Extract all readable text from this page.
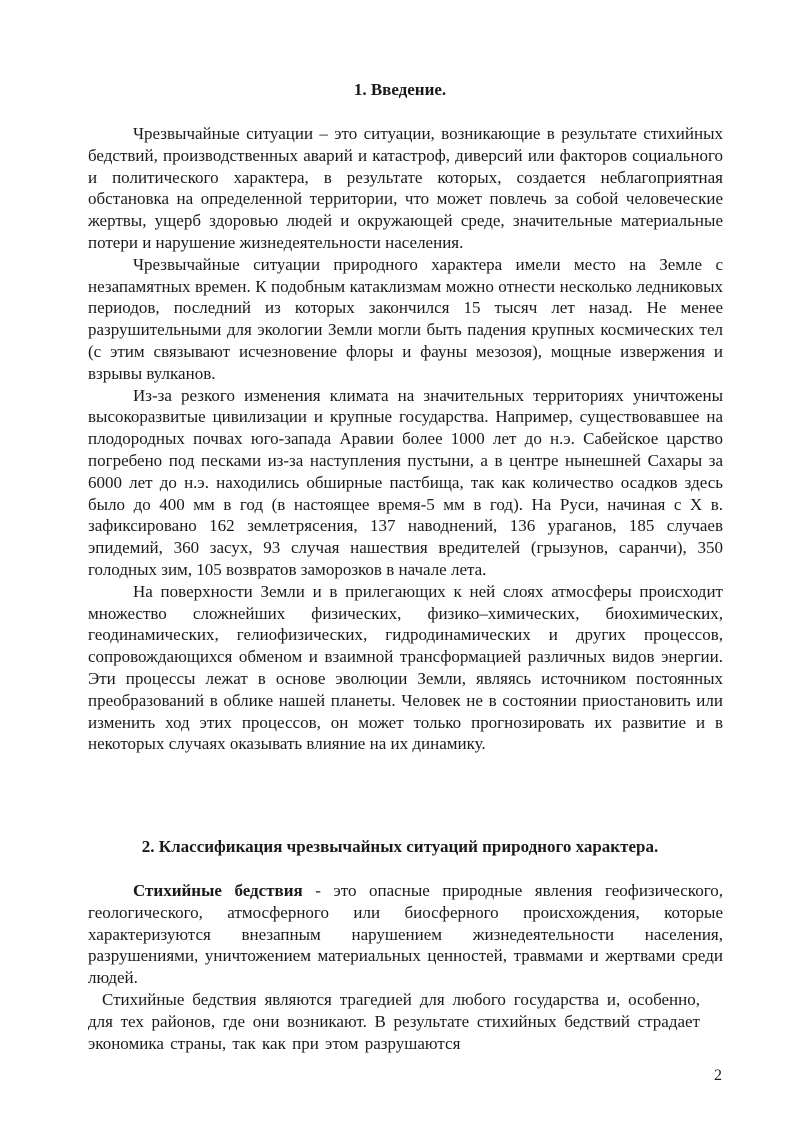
1. Введение.

Чрезвычайные ситуации – это ситуации, возникающие в результате стихийных бедствий, производственных аварий и катастроф, диверсий или факторов социального и политического характера, в результате которых, создается неблагоприятная обстановка на определенной территории, что может повлечь за собой человеческие жертвы, ущерб здоровью людей и окружающей среде, значительные материальные потери и нарушение жизнедеятельности населения.

Чрезвычайные ситуации природного характера имели место на Земле с незапамятных времен. К подобным катаклизмам можно отнести несколько ледниковых периодов, последний из которых закончился 15 тысяч лет назад. Не менее разрушительными для экологии Земли могли быть падения крупных космических тел (с этим связывают исчезновение флоры и фауны мезозоя), мощные извержения и взрывы вулканов.

Из-за резкого изменения климата на значительных территориях уничтожены высокоразвитые цивилизации и крупные государства. Например, существовавшее на плодородных почвах юго-запада Аравии более 1000 лет до н.э. Сабейское царство погребено под песками из-за наступления пустыни, а в центре нынешней Сахары за 6000 лет до н.э. находились обширные пастбища, так как количество осадков здесь было до 400 мм в год (в настоящее время-5 мм в год). На Руси, начиная с X в. зафиксировано 162 землетрясения, 137 наводнений, 136 ураганов, 185 случаев эпидемий, 360 засух, 93 случая нашествия вредителей (грызунов, саранчи), 350 голодных зим, 105 возвратов заморозков в начале лета.

На поверхности Земли и в прилегающих к ней слоях атмосферы происходит множество сложнейших физических, физико–химических, биохимических, геодинамических, гелиофизических, гидродинамических и других процессов, сопровождающихся обменом и взаимной трансформацией различных видов энергии. Эти процессы лежат в основе эволюции Земли, являясь источником постоянных преобразований в облике нашей планеты. Человек не в состоянии приостановить или изменить ход этих процессов, он может только прогнозировать их развитие и в некоторых случаях оказывать влияние на их динамику.

2. Классификация чрезвычайных ситуаций природного характера.

Стихийные бедствия - это опасные природные явления геофизического, геологического, атмосферного или биосферного происхождения, которые характеризуются внезапным нарушением жизнедеятельности населения, разрушениями, уничтожением материальных ценностей, травмами и жертвами среди людей.

Стихийные бедствия являются трагедией для любого государства и, особенно, для тех районов, где они возникают. В результате стихийных бедствий страдает экономика страны, так как при этом разрушаются

2
